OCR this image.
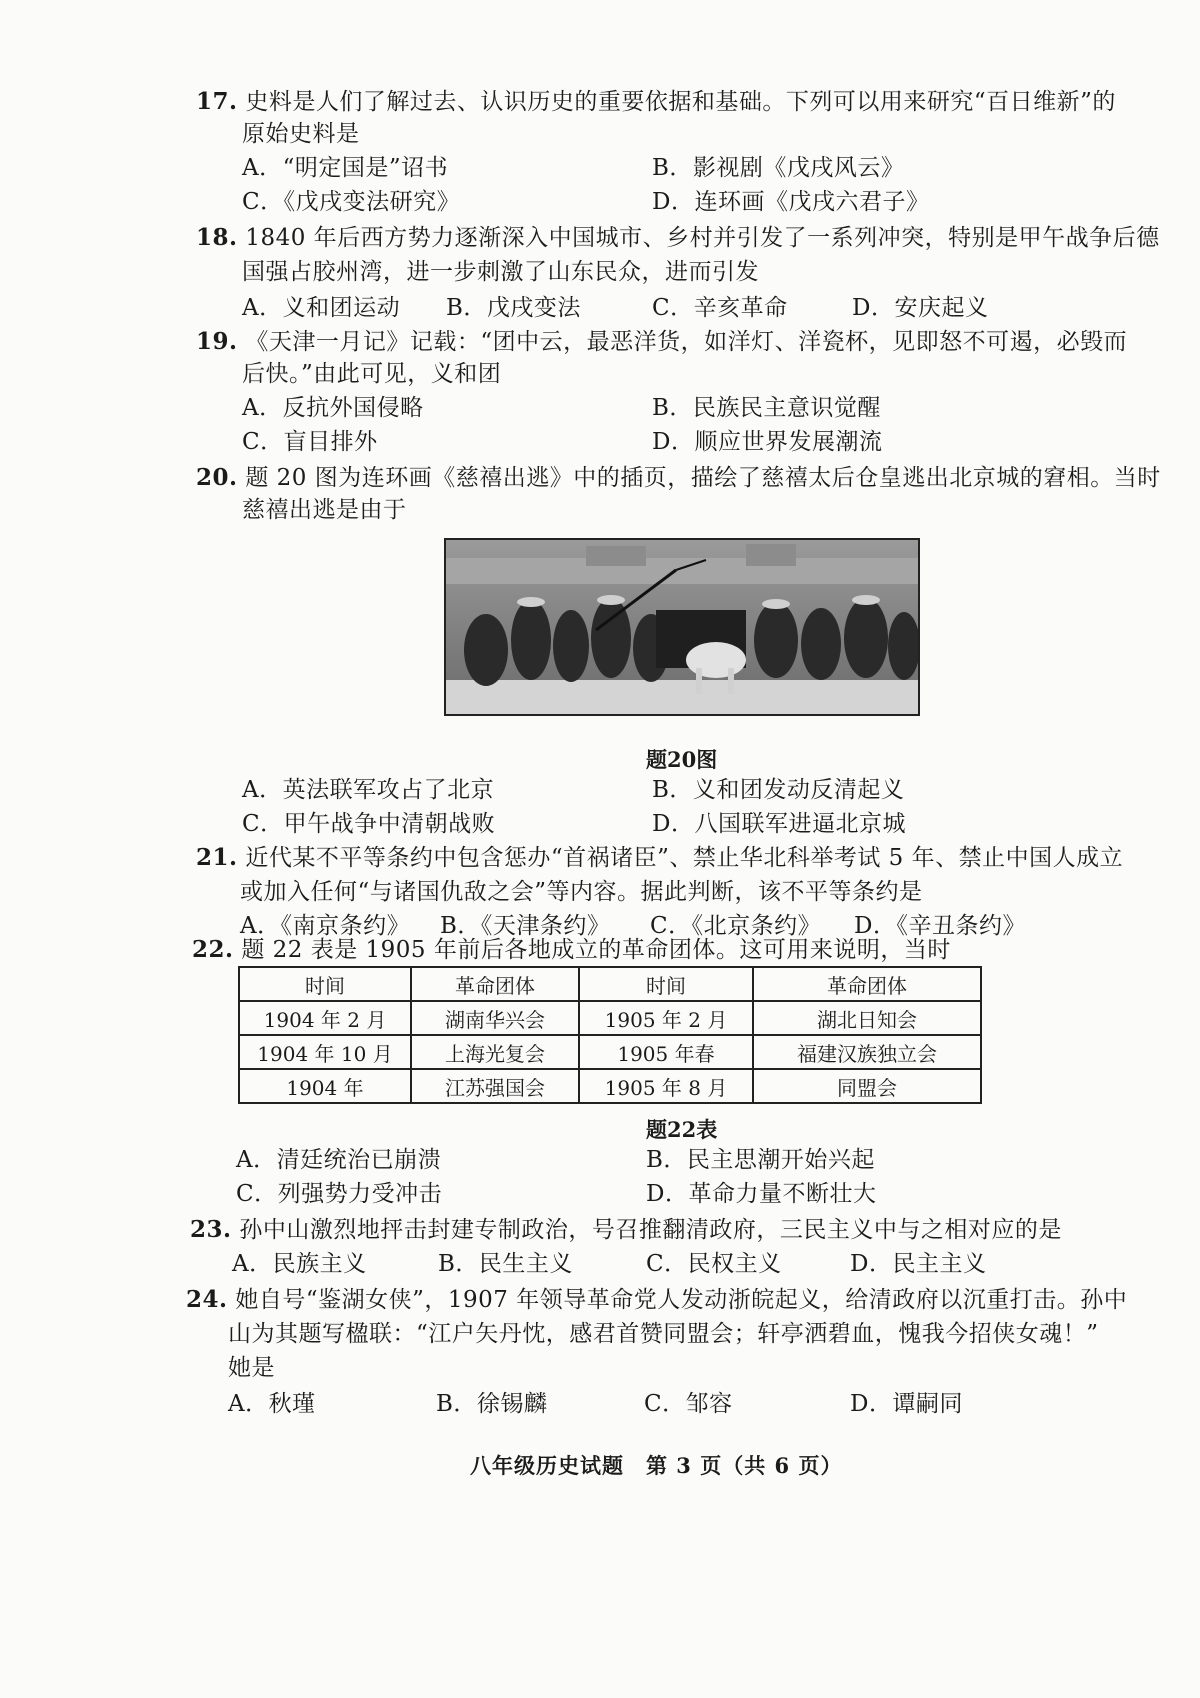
17. 史料是人们了解过去、认识历史的重要依据和基础。下列可以用来研究“百日维新”的
原始史料是
A．“明定国是”诏书	B．影视剧《戊戌风云》
C．《戊戌变法研究》	D．连环画《戊戌六君子》
18. 1840 年后西方势力逐渐深入中国城市、乡村并引发了一系列冲突，特别是甲午战争后德
国强占胶州湾，进一步刺激了山东民众，进而引发
A．义和团运动 B．戊戌变法	C．辛亥革命	D．安庆起义
19. 《天津一月记》记载：“团中云，最恶洋货，如洋灯、洋瓷杯，见即怒不可遏，必毁而
后快。”由此可见，义和团
A．反抗外国侵略	B．民族民主意识觉醒
C．盲目排外	D．顺应世界发展潮流
20. 题 20 图为连环画《慈禧出逃》中的插页，描绘了慈禧太后仓皇逃出北京城的窘相。当时
慈禧出逃是由于
题20图
A．英法联军攻占了北京	B．义和团发动反清起义
C．甲午战争中清朝战败	D．八国联军进逼北京城
21. 近代某不平等条约中包含惩办“首祸诸臣”、禁止华北科举考试 5 年、禁止中国人成立
或加入任何“与诸国仇敌之会”等内容。据此判断，该不平等条约是
A．《南京条约》 B．《天津条约》 C．《北京条约》 D．《辛丑条约》
22. 题 22 表是 1905 年前后各地成立的革命团体。这可用来说明，当时
时间	革命团体	时间	革命团体
1904 年 2 月	湖南华兴会	1905 年 2 月	湖北日知会
1904 年 10 月	上海光复会	1905 年春	福建汉族独立会
1904 年	江苏强国会	1905 年 8 月	同盟会
题22表
A．清廷统治已崩溃	B．民主思潮开始兴起
C．列强势力受冲击	D．革命力量不断壮大
23. 孙中山激烈地抨击封建专制政治，号召推翻清政府，三民主义中与之相对应的是
A．民族主义	B．民生主义	C．民权主义	D．民主主义
24. 她自号“鉴湖女侠”，1907 年领导革命党人发动浙皖起义，给清政府以沉重打击。孙中
山为其题写楹联：“江户矢丹忱，感君首赞同盟会；轩亭洒碧血，愧我今招侠女魂！”
她是
A．秋瑾	B．徐锡麟	C．邹容	D．谭嗣同
八年级历史试题　第 3 页（共 6 页）
